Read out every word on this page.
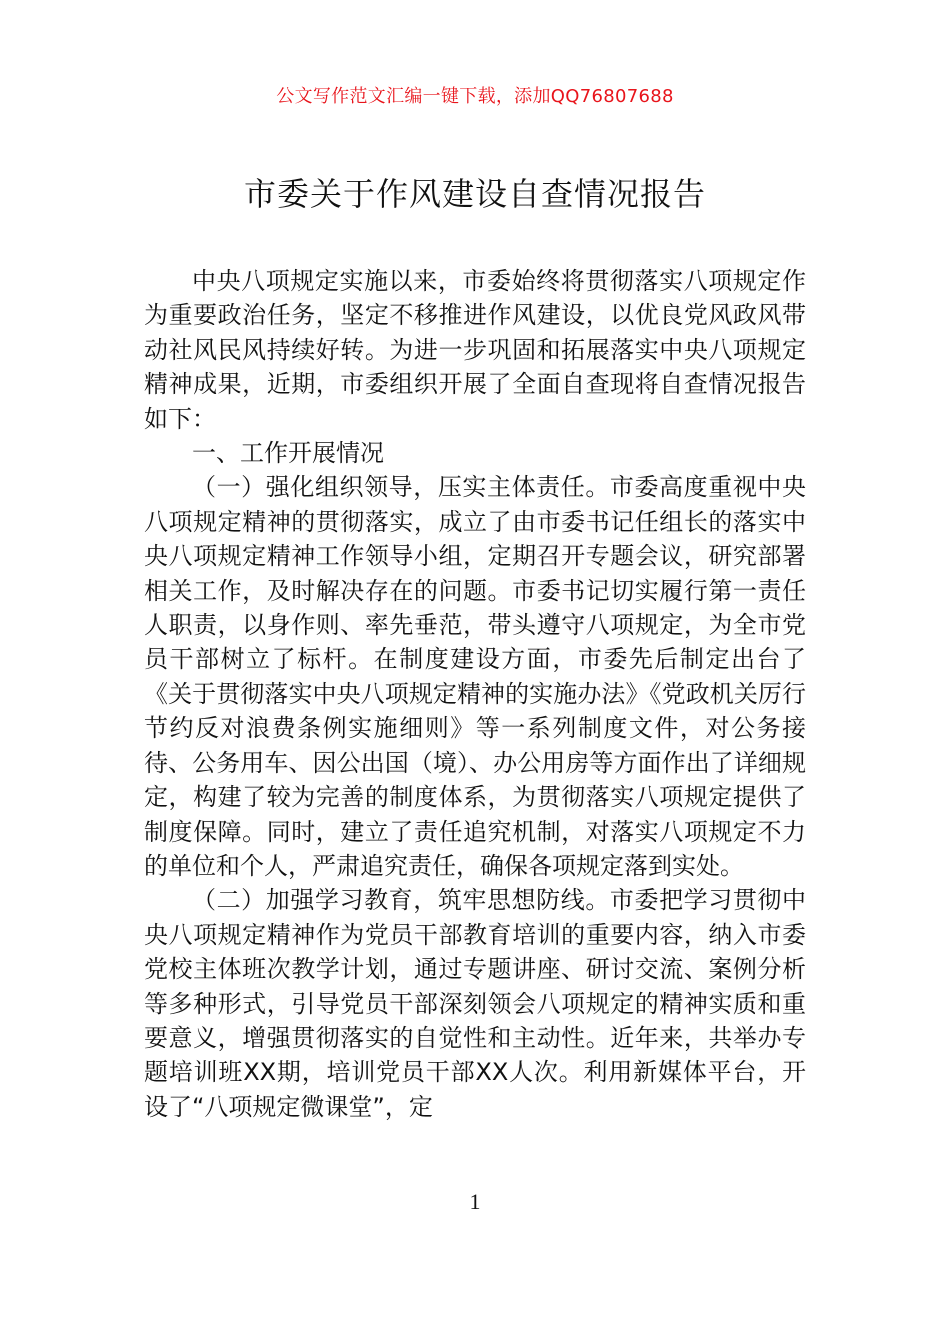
公文写作范文汇编一键下载，添加QQ76807688
市委关于作风建设自查情况报告

中央八项规定实施以来，市委始终将贯彻落实八项规定作为重要政治任务，坚定不移推进作风建设，以优良党风政风带动社风民风持续好转。为进一步巩固和拓展落实中央八项规定精神成果，近期，市委组织开展了全面自查现将自查情况报告如下：

一、工作开展情况

（一）强化组织领导，压实主体责任。市委高度重视中央八项规定精神的贯彻落实，成立了由市委书记任组长的落实中央八项规定精神工作领导小组，定期召开专题会议，研究部署相关工作，及时解决存在的问题。市委书记切实履行第一责任人职责，以身作则、率先垂范，带头遵守八项规定，为全市党员干部树立了标杆。在制度建设方面，市委先后制定出台了《关于贯彻落实中央八项规定精神的实施办法》《党政机关厉行节约反对浪费条例实施细则》等一系列制度文件，对公务接待、公务用车、因公出国（境）、办公用房等方面作出了详细规定，构建了较为完善的制度体系，为贯彻落实八项规定提供了制度保障。同时，建立了责任追究机制，对落实八项规定不力的单位和个人，严肃追究责任，确保各项规定落到实处。

（二）加强学习教育，筑牢思想防线。市委把学习贯彻中央八项规定精神作为党员干部教育培训的重要内容，纳入市委党校主体班次教学计划，通过专题讲座、研讨交流、案例分析等多种形式，引导党员干部深刻领会八项规定的精神实质和重要意义，增强贯彻落实的自觉性和主动性。近年来，共举办专题培训班XX期，培训党员干部XX人次。利用新媒体平台，开设了“八项规定微课堂”，定

1
